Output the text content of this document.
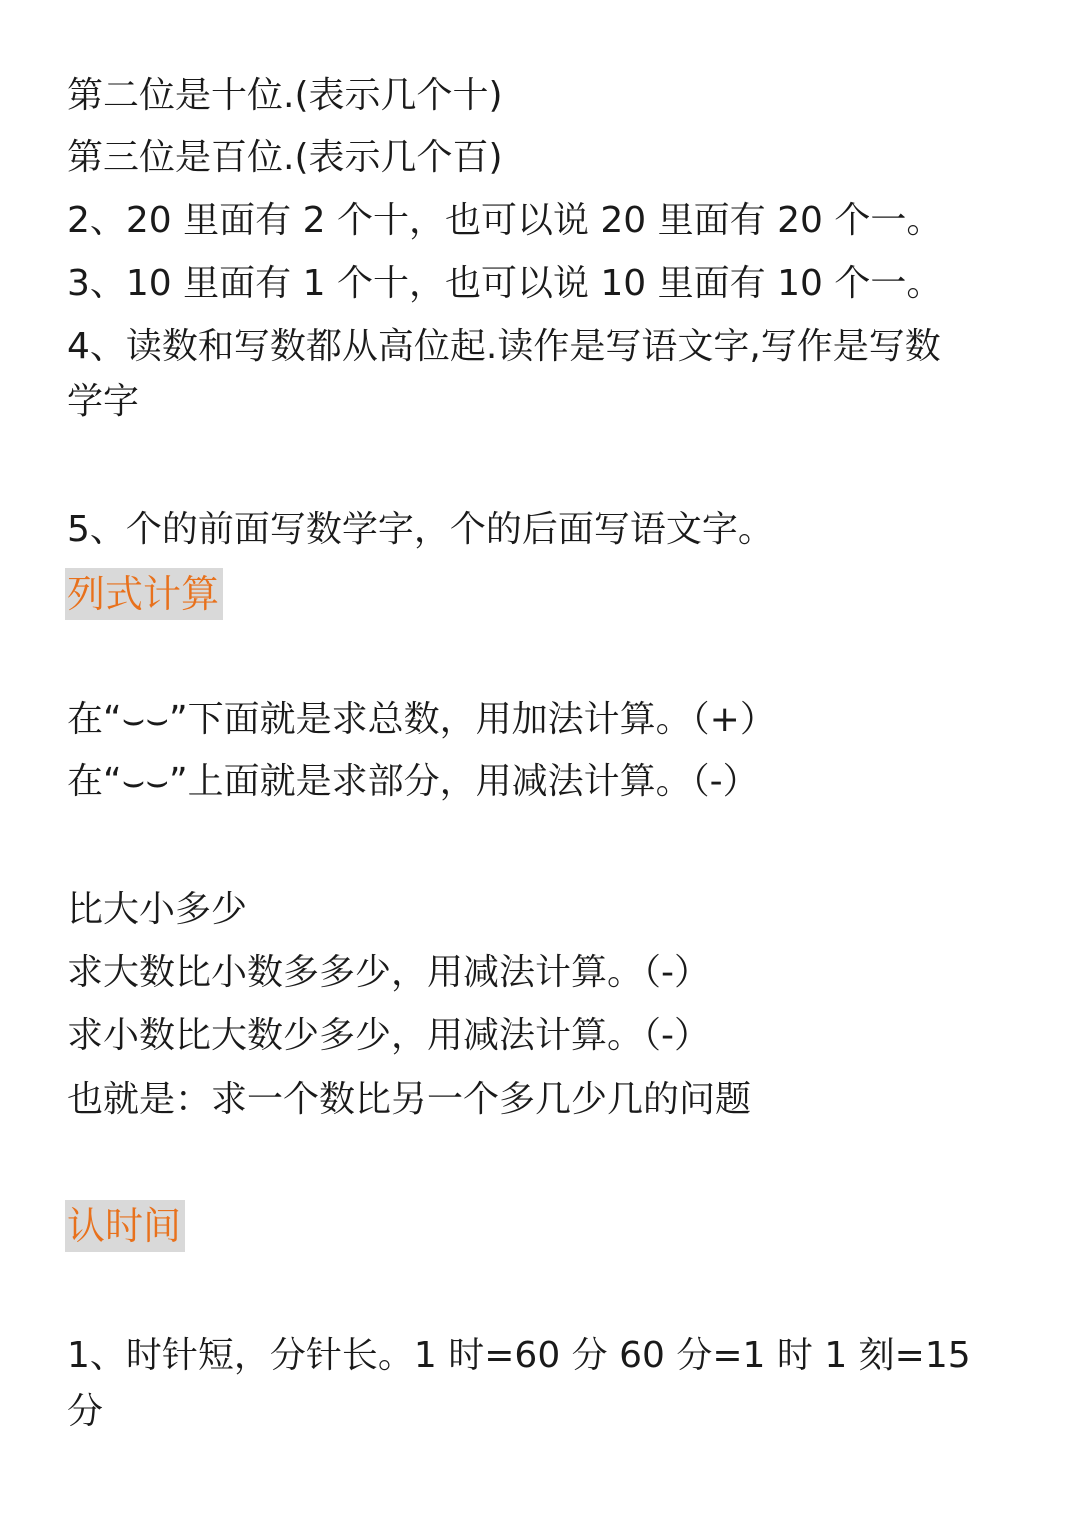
第二位是十位.(表示几个十)
第三位是百位.(表示几个百)
2、20 里面有 2 个十，也可以说 20 里面有 20 个一。
3、10 里面有 1 个十，也可以说 10 里面有 10 个一。
4、读数和写数都从高位起.读作是写语文字,写作是写数
学字
5、个的前面写数学字，个的后面写语文字。
列式计算
在“⌣⌣”下面就是求总数，用加法计算。（+）
在“⌣⌣”上面就是求部分，用减法计算。（-）
比大小多少
求大数比小数多多少，用减法计算。（-）
求小数比大数少多少，用减法计算。（-）
也就是：求一个数比另一个多几少几的问题
认时间
1、时针短，分针长。1 时=60 分 60 分=1 时 1 刻=15
分
